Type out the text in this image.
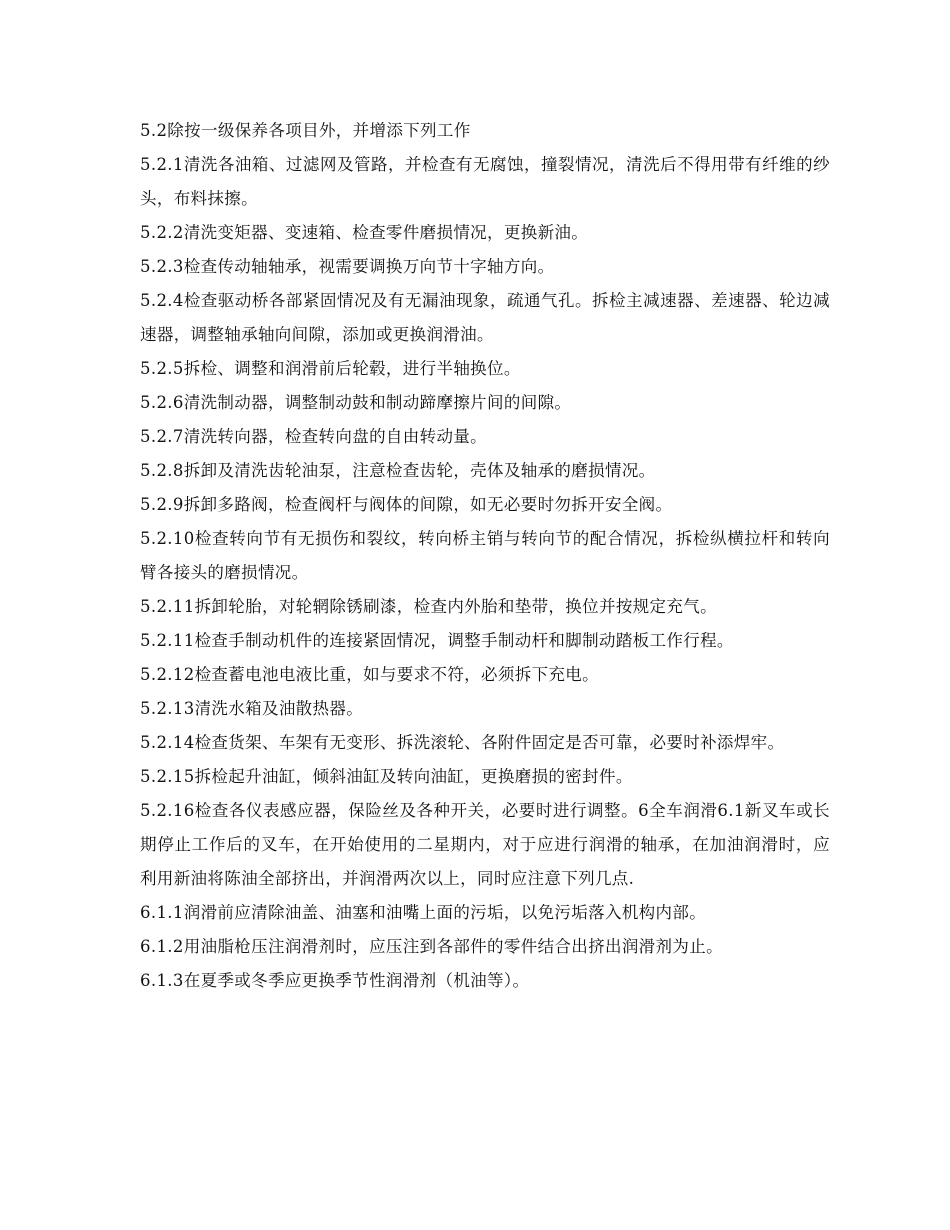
5.2除按一级保养各项目外，并增添下列工作

5.2.1清洗各油箱、过滤网及管路，并检查有无腐蚀，撞裂情况，清洗后不得用带有纤维的纱头，布料抹擦。

5.2.2清洗变矩器、变速箱、检查零件磨损情况，更换新油。

5.2.3检查传动轴轴承，视需要调换万向节十字轴方向。

5.2.4检查驱动桥各部紧固情况及有无漏油现象，疏通气孔。拆检主减速器、差速器、轮边减速器，调整轴承轴向间隙，添加或更换润滑油。

5.2.5拆检、调整和润滑前后轮毂，进行半轴换位。

5.2.6清洗制动器，调整制动鼓和制动蹄摩擦片间的间隙。

5.2.7清洗转向器，检查转向盘的自由转动量。

5.2.8拆卸及清洗齿轮油泵，注意检查齿轮，壳体及轴承的磨损情况。

5.2.9拆卸多路阀，检查阀杆与阀体的间隙，如无必要时勿拆开安全阀。

5.2.10检查转向节有无损伤和裂纹，转向桥主销与转向节的配合情况，拆检纵横拉杆和转向臂各接头的磨损情况。

5.2.11拆卸轮胎，对轮辋除锈刷漆，检查内外胎和垫带，换位并按规定充气。

5.2.11检查手制动机件的连接紧固情况，调整手制动杆和脚制动踏板工作行程。

5.2.12检查蓄电池电液比重，如与要求不符，必须拆下充电。

5.2.13清洗水箱及油散热器。

5.2.14检查货架、车架有无变形、拆洗滚轮、各附件固定是否可靠，必要时补添焊牢。

5.2.15拆检起升油缸，倾斜油缸及转向油缸，更换磨损的密封件。

5.2.16检查各仪表感应器，保险丝及各种开关，必要时进行调整。6全车润滑6.1新叉车或长期停止工作后的叉车，在开始使用的二星期内，对于应进行润滑的轴承，在加油润滑时，应利用新油将陈油全部挤出，并润滑两次以上，同时应注意下列几点.

6.1.1润滑前应清除油盖、油塞和油嘴上面的污垢，以免污垢落入机构内部。

6.1.2用油脂枪压注润滑剂时，应压注到各部件的零件结合出挤出润滑剂为止。

6.1.3在夏季或冬季应更换季节性润滑剂（机油等）。
